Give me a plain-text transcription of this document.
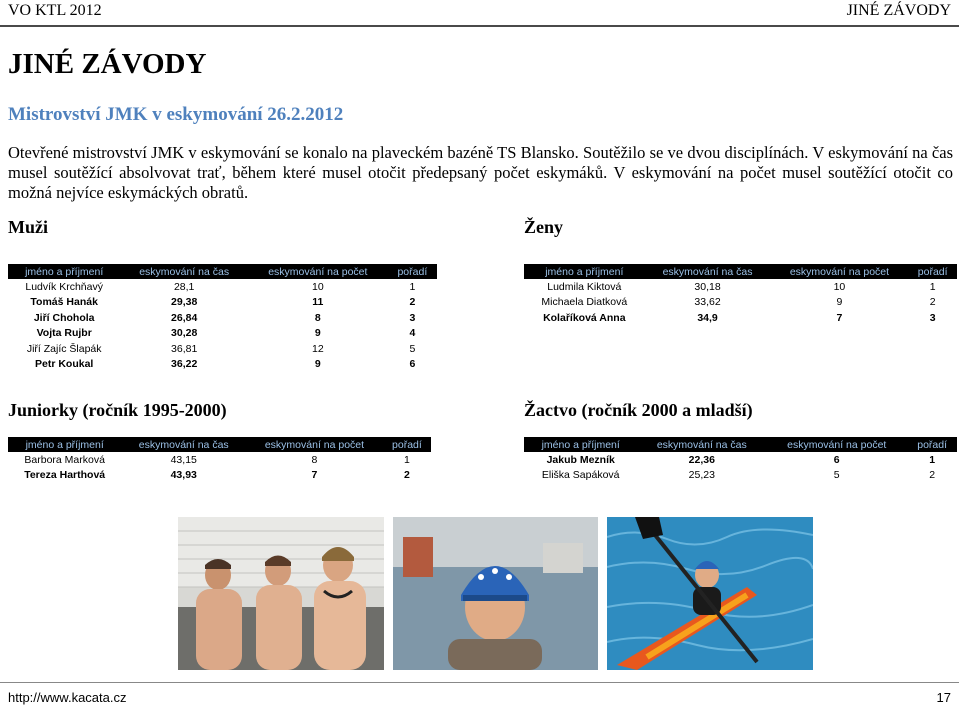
VO KTL 2012	JINÉ ZÁVODY
JINÉ ZÁVODY
Mistrovství JMK v eskymování 26.2.2012

Otevřené mistrovství JMK v eskymování se konalo na plaveckém bazéně TS Blansko. Soutěžilo se ve dvou disciplínách. V eskymování na čas musel soutěžící absolvovat trať, během které musel otočit předepsaný počet eskymáků. V eskymování na počet musel soutěžící otočit co možná nejvíce eskymáckých obratů.

Muži
jméno a příjmení	eskymování na čas	eskymování na počet	pořadí
Ludvík Krchňavý	28,1	10	1
Tomáš Hanák	29,38	11	2
Jiří Chohola	26,84	8	3
Vojta Rujbr	30,28	9	4
Jiří Zajíc Šlapák	36,81	12	5
Petr Koukal	36,22	9	6
Ženy
jméno a příjmení	eskymování na čas	eskymování na počet	pořadí
Ludmila Kiktová	30,18	10	1
Michaela Diatková	33,62	9	2
Kolaříková Anna	34,9	7	3
Juniorky (ročník 1995-2000)
jméno a příjmení	eskymování na čas	eskymování na počet	pořadí
Barbora Marková	43,15	8	1
Tereza Harthová	43,93	7	2
Žactvo (ročník 2000 a mladší)
jméno a příjmení	eskymování na čas	eskymování na počet	pořadí
Jakub Mezník	22,36	6	1
Eliška Sapáková	25,23	5	2
http://www.kacata.cz	17
